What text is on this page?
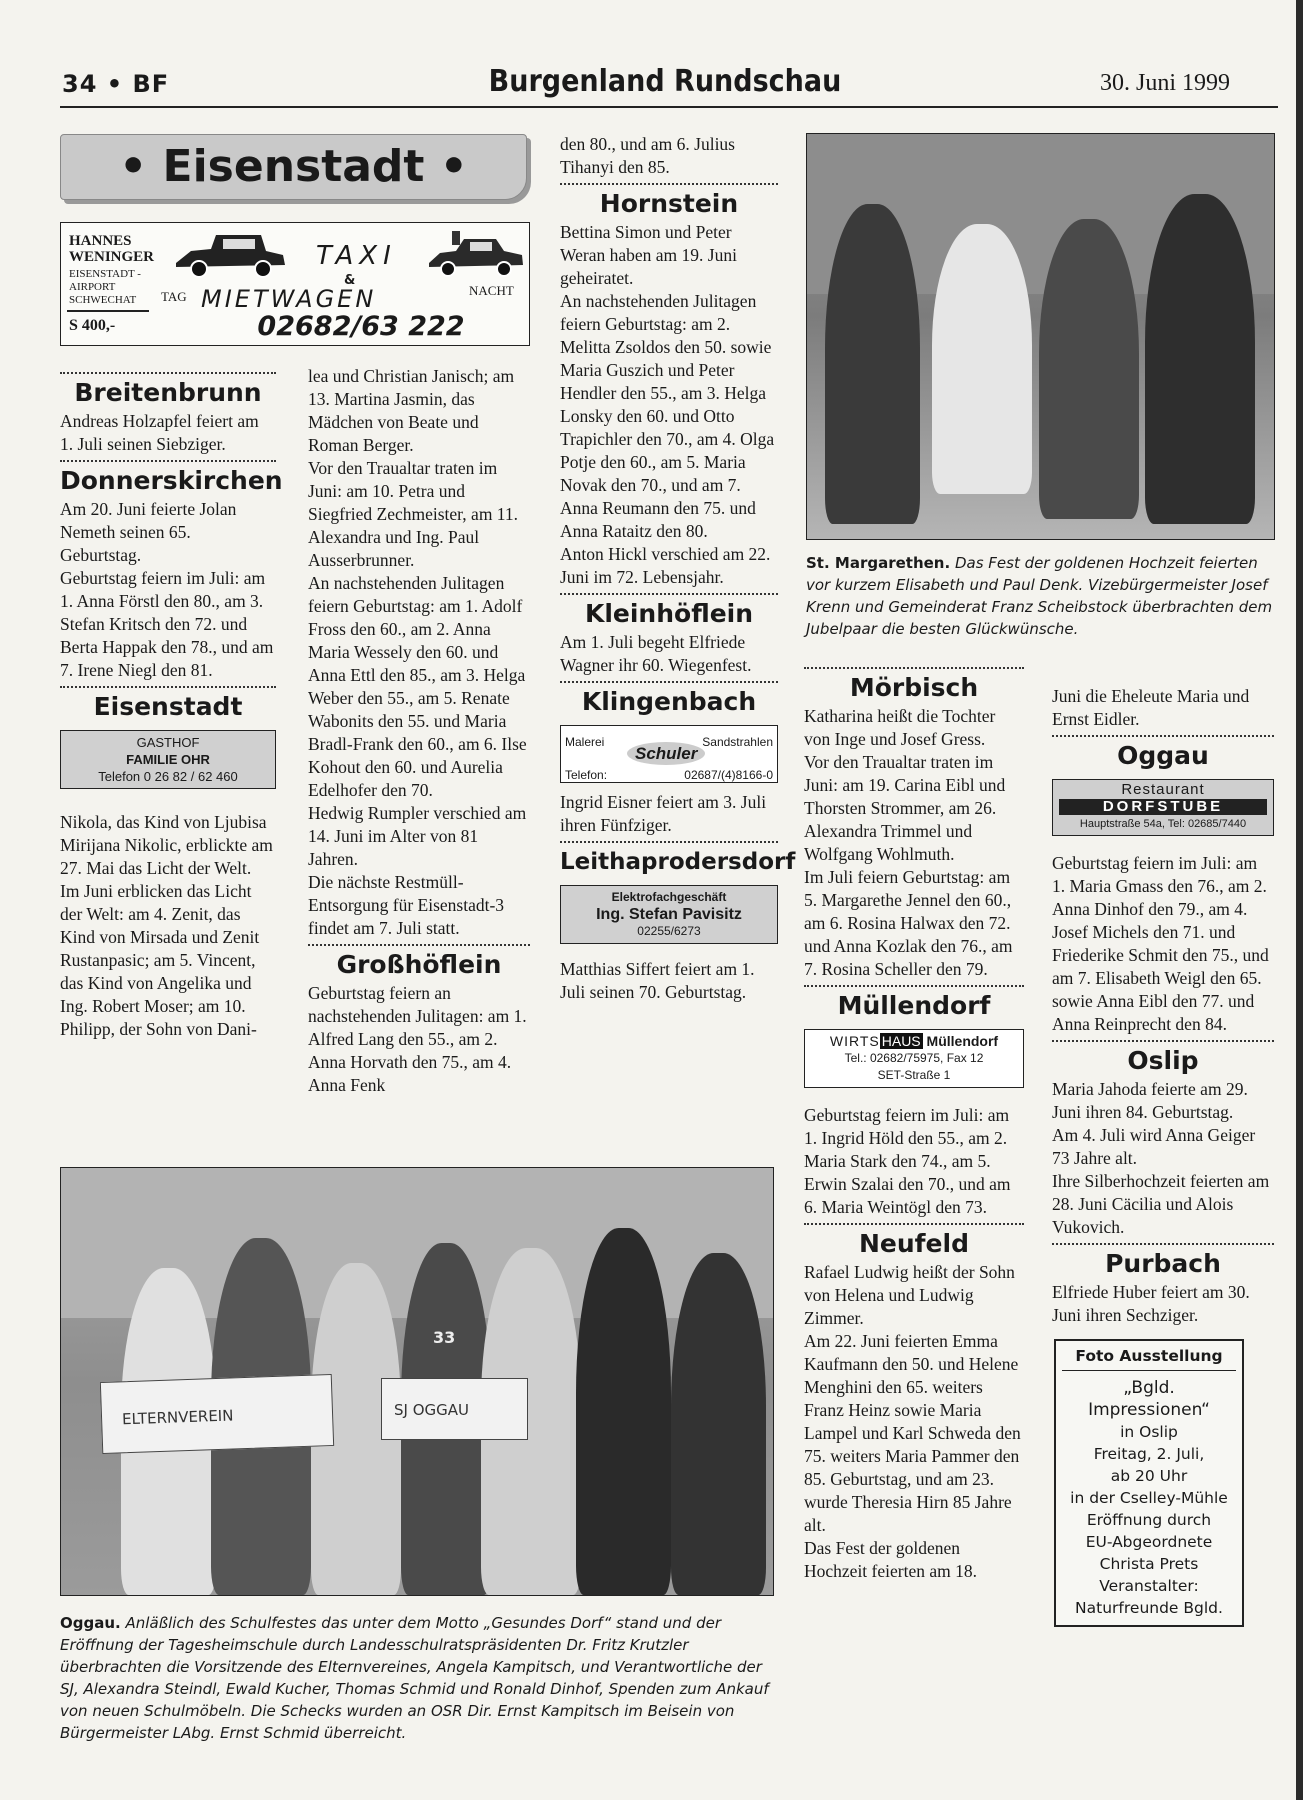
34 • BF	Burgenland Rundschau	30. Juni 1999
• Eisenstadt •
HANNES
WENINGER
EISENSTADT -
AIRPORT
SCHWECHAT
S 400,-
TAXI
&
TAG MIETWAGEN	NACHT
02682/63 222
Breitenbrunn

Andreas Holzapfel feiert am 1. Juli seinen Siebziger.

Donnerskirchen

Am 20. Juni feierte Jolan Nemeth seinen 65. Geburtstag.

Geburtstag feiern im Juli: am 1. Anna Förstl den 80., am 3. Stefan Kritsch den 72. und Berta Happak den 78., und am 7. Irene Niegl den 81.

Eisenstadt
GASTHOF
FAMILIE OHR
Telefon 0 26 82 / 62 460

Nikola, das Kind von Ljubisa Mirijana Nikolic, erblickte am 27. Mai das Licht der Welt.

Im Juni erblicken das Licht der Welt: am 4. Zenit, das Kind von Mirsada und Zenit Rustanpasic; am 5. Vincent, das Kind von Angelika und Ing. Robert Moser; am 10. Philipp, der Sohn von Dani-

lea und Christian Janisch; am 13. Martina Jasmin, das Mädchen von Beate und Roman Berger.

Vor den Traualtar traten im Juni: am 10. Petra und Siegfried Zechmeister, am 11. Alexandra und Ing. Paul Ausserbrunner.

An nachstehenden Julitagen feiern Geburtstag: am 1. Adolf Fross den 60., am 2. Anna Maria Wessely den 60. und Anna Ettl den 85., am 3. Helga Weber den 55., am 5. Renate Wabonits den 55. und Maria Bradl-Frank den 60., am 6. Ilse Kohout den 60. und Aurelia Edelhofer den 70.

Hedwig Rumpler verschied am 14. Juni im Alter von 81 Jahren.

Die nächste Restmüll-Entsorgung für Eisenstadt-3 findet am 7. Juli statt.

Großhöflein

Geburtstag feiern an nachstehenden Julitagen: am 1. Alfred Lang den 55., am 2. Anna Horvath den 75., am 4. Anna Fenk

den 80., und am 6. Julius Tihanyi den 85.

Hornstein

Bettina Simon und Peter Weran haben am 19. Juni geheiratet.

An nachstehenden Julitagen feiern Geburtstag: am 2. Melitta Zsoldos den 50. sowie Maria Guszich und Peter Hendler den 55., am 3. Helga Lonsky den 60. und Otto Trapichler den 70., am 4. Olga Potje den 60., am 5. Maria Novak den 70., und am 7. Anna Reumann den 75. und Anna Rataitz den 80.

Anton Hickl verschied am 22. Juni im 72. Lebensjahr.

Kleinhöflein

Am 1. Juli begeht Elfriede Wagner ihr 60. Wiegenfest.

Klingenbach
Malerei	Sandstrahlen
Schuler
Telefon:	02687/(4)8166-0

Ingrid Eisner feiert am 3. Juli ihren Fünfziger.

Leithaprodersdorf
Elektrofachgeschäft
Ing. Stefan Pavisitz
02255/6273

Matthias Siffert feiert am 1. Juli seinen 70. Geburtstag.

St. Margarethen. Das Fest der goldenen Hochzeit feierten vor kurzem Elisabeth und Paul Denk. Vizebürgermeister Josef Krenn und Gemeinderat Franz Scheibstock überbrachten dem Jubelpaar die besten Glückwünsche.
33
ELTERNVEREIN	SJ OGGAU
Oggau. Anläßlich des Schulfestes das unter dem Motto „Gesundes Dorf“ stand und der Eröffnung der Tagesheimschule durch Landesschulratspräsidenten Dr. Fritz Krutzler überbrachten die Vorsitzende des Elternvereines, Angela Kampitsch, und Verantwortliche der SJ, Alexandra Steindl, Ewald Kucher, Thomas Schmid und Ronald Dinhof, Spenden zum Ankauf von neuen Schulmöbeln. Die Schecks wurden an OSR Dir. Ernst Kampitsch im Beisein von Bürgermeister LAbg. Ernst Schmid überreicht.
Mörbisch

Katharina heißt die Tochter von Inge und Josef Gress.

Vor den Traualtar traten im Juni: am 19. Carina Eibl und Thorsten Strommer, am 26. Alexandra Trimmel und Wolfgang Wohlmuth.

Im Juli feiern Geburtstag: am 5. Margarethe Jennel den 60., am 6. Rosina Halwax den 72. und Anna Kozlak den 76., am 7. Rosina Scheller den 79.

Müllendorf
WIRTS HAUS Müllendorf
Tel.: 02682/75975, Fax 12
SET-Straße 1

Geburtstag feiern im Juli: am 1. Ingrid Höld den 55., am 2. Maria Stark den 74., am 5. Erwin Szalai den 70., und am 6. Maria Weintögl den 73.

Neufeld

Rafael Ludwig heißt der Sohn von Helena und Ludwig Zimmer.

Am 22. Juni feierten Emma Kaufmann den 50. und Helene Menghini den 65. weiters Franz Heinz sowie Maria Lampel und Karl Schweda den 75. weiters Maria Pammer den 85. Geburtstag, und am 23. wurde Theresia Hirn 85 Jahre alt.

Das Fest der goldenen Hochzeit feierten am 18.

Juni die Eheleute Maria und Ernst Eidler.

Oggau
Restaurant
DORFSTUBE
Hauptstraße 54a, Tel: 02685/7440

Geburtstag feiern im Juli: am 1. Maria Gmass den 76., am 2. Anna Dinhof den 79., am 4. Josef Michels den 71. und Friederike Schmit den 75., und am 7. Elisabeth Weigl den 65. sowie Anna Eibl den 77. und Anna Reinprecht den 84.

Oslip

Maria Jahoda feierte am 29. Juni ihren 84. Geburtstag.

Am 4. Juli wird Anna Geiger 73 Jahre alt.

Ihre Silberhochzeit feierten am 28. Juni Cäcilia und Alois Vukovich.

Purbach

Elfriede Huber feiert am 30. Juni ihren Sechziger.

Foto Ausstellung
„Bgld.
Impressionen“
in Oslip
Freitag, 2. Juli,
ab 20 Uhr
in der Cselley-Mühle
Eröffnung durch
EU-Abgeordnete
Christa Prets
Veranstalter:
Naturfreunde Bgld.
